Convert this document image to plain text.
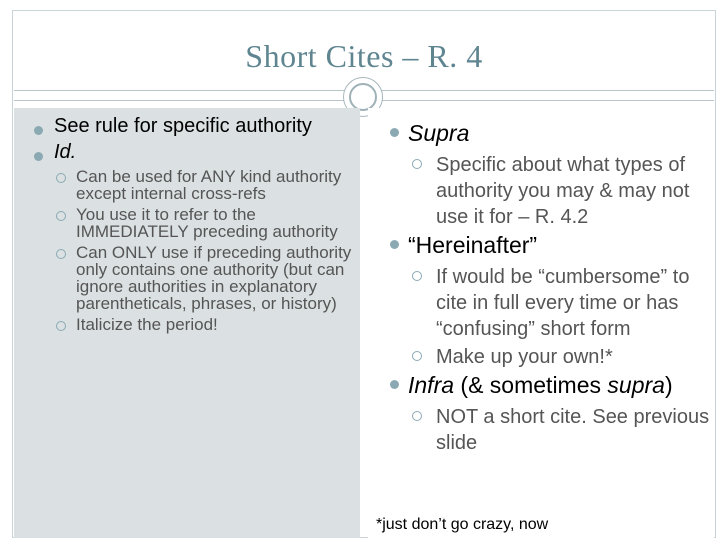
Short Cites – R. 4
See rule for specific authority
Id.
Can be used for ANY kind authority except internal cross-refs
You use it to refer to the IMMEDIATELY preceding authority
Can ONLY use if preceding authority only contains one authority (but can ignore authorities in explanatory parentheticals, phrases, or history)
Italicize the period!
Supra
Specific about what types of authority you may & may not use it for – R. 4.2
“Hereinafter”
If would be “cumbersome” to cite in full every time or has “confusing” short form
Make up your own!*
Infra (& sometimes supra)
NOT a short cite. See previous slide
*just don’t go crazy, now
